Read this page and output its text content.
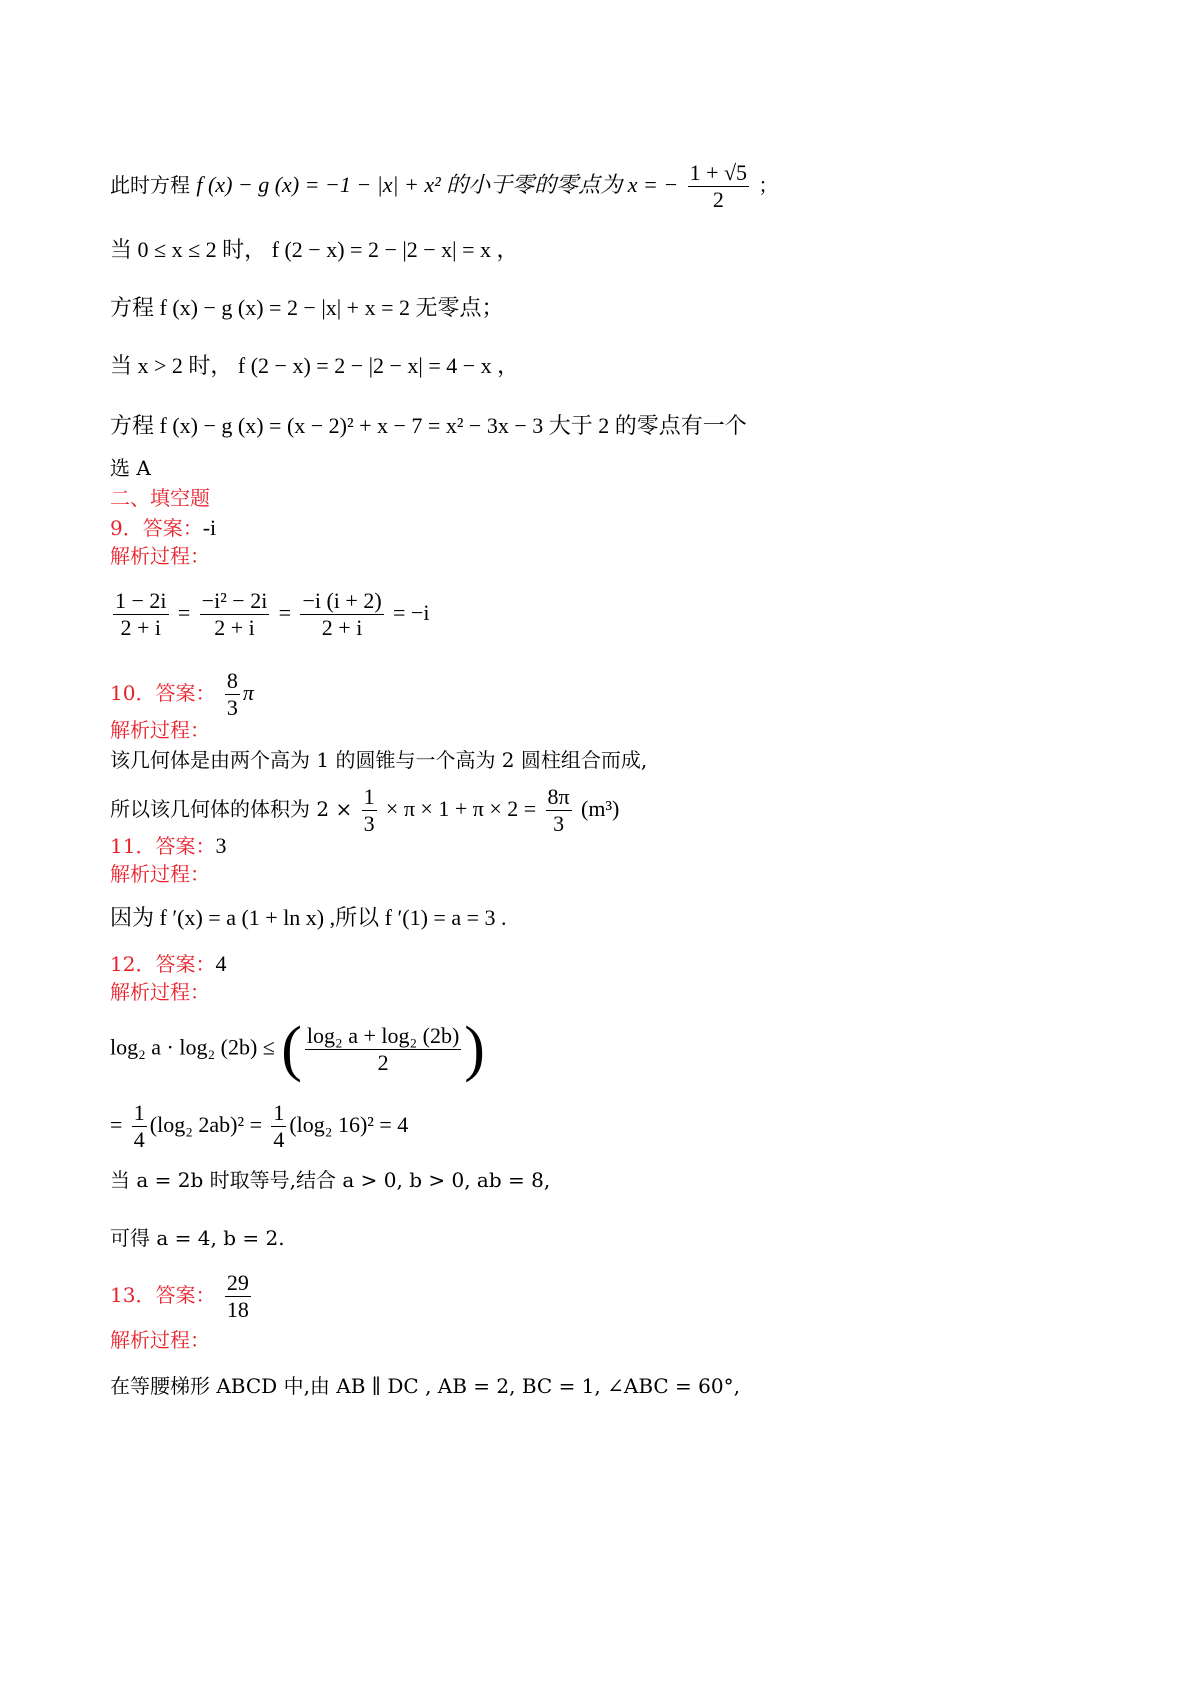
此时方程 f (x) − g (x) = −1 − |x| + x² 的小于零的零点为 x = − $\frac{1 + √5}{2}$ ；
当 0 ≤ x ≤ 2 时， f (2 − x) = 2 − |2 − x| = x ，
方程 f (x) − g (x) = 2 − |x| + x = 2 无零点；
当 x > 2 时， f (2 − x) = 2 − |2 − x| = 4 − x ，
方程 f (x) − g (x) = (x − 2)² + x − 7 = x² − 3x − 3 大于 2 的零点有一个
选 A
二、填空题
9．答案：-i
解析过程：
$\frac{1 - 2i}{2 + i} = \frac{\text{−i² − 2i}}{2 + i} = \frac{-i (i + 2)}{2 + i} = -i$
10．答案： $\frac{8}{3}$ π
解析过程：
该几何体是由两个高为 1 的圆锥与一个高为 2 圆柱组合而成,
所以该几何体的体积为 $2 \times \frac{1}{3} \times \pi \times 1 + \pi \times 2 = \frac{8\pi}{3} (m^3)$
11．答案：3
解析过程：
因为 f ′(x) = a (1 + ln x) ,所以 f ′(1) = a = 3 .
12．答案：4
解析过程：
log₂ a · log₂ (2b) ≤ ( $\frac{\text{log₂ a + log₂ (2b)}}{2}$ )
= $\frac{1}{4} (\log_2$ $2ab)^2 = \frac{1}{4} (\log_2$ 16)² = 4
当 a = 2b 时取等号,结合 a > 0, b > 0, ab = 8,
可得 a = 4, b = 2.
13．答案： $\frac{29}{18}$
解析过程：
在等腰梯形 ABCD 中,由 AB ∥ DC , AB = 2, BC = 1, ∠ABC = 60°,
